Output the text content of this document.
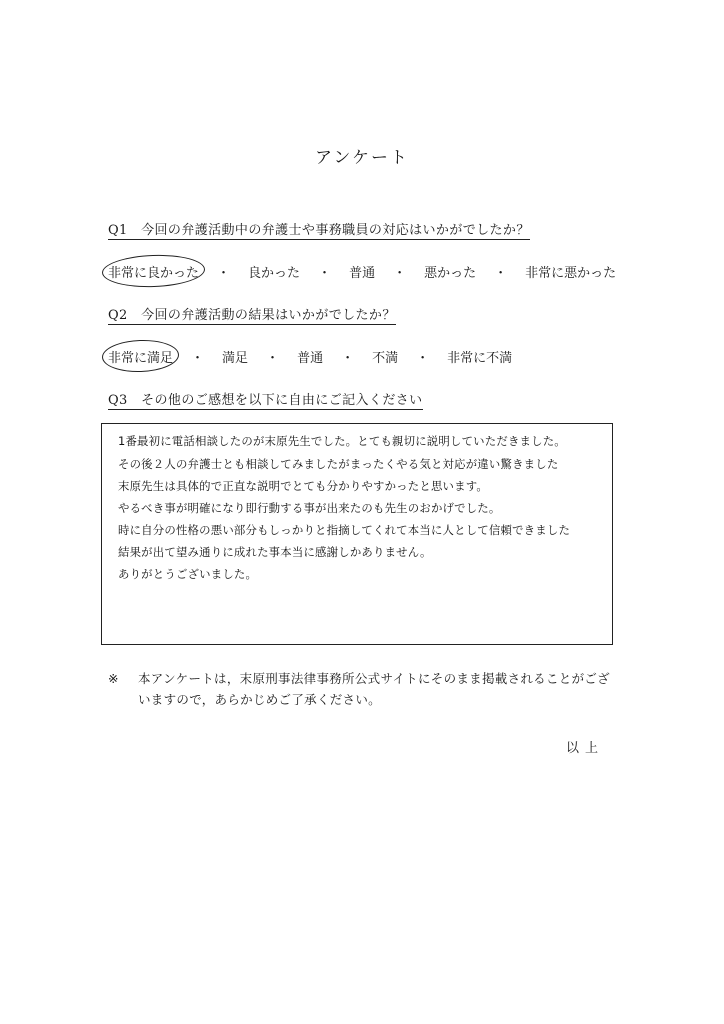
アンケート
Q1　今回の弁護活動中の弁護士や事務職員の対応はいかがでしたか？
非常に良かった ・ 良かった ・ 普通 ・ 悪かった ・ 非常に悪かった
Q2　今回の弁護活動の結果はいかがでしたか？
非常に満足 ・ 満足 ・ 普通 ・ 不満 ・ 非常に不満
Q3　その他のご感想を以下に自由にご記入ください
1番最初に電話相談したのが末原先生でした。とても親切に説明していただきました。
その後２人の弁護士とも相談してみましたがまったくやる気と対応が違い驚きました
末原先生は具体的で正直な説明でとても分かりやすかったと思います。
やるべき事が明確になり即行動する事が出来たのも先生のおかげでした。
時に自分の性格の悪い部分もしっかりと指摘してくれて本当に人として信頼できました
結果が出て望み通りに成れた事本当に感謝しかありません。
ありがとうございました。
※	本アンケートは，末原刑事法律事務所公式サイトにそのまま掲載されることがございますので，あらかじめご了承ください。
以上
